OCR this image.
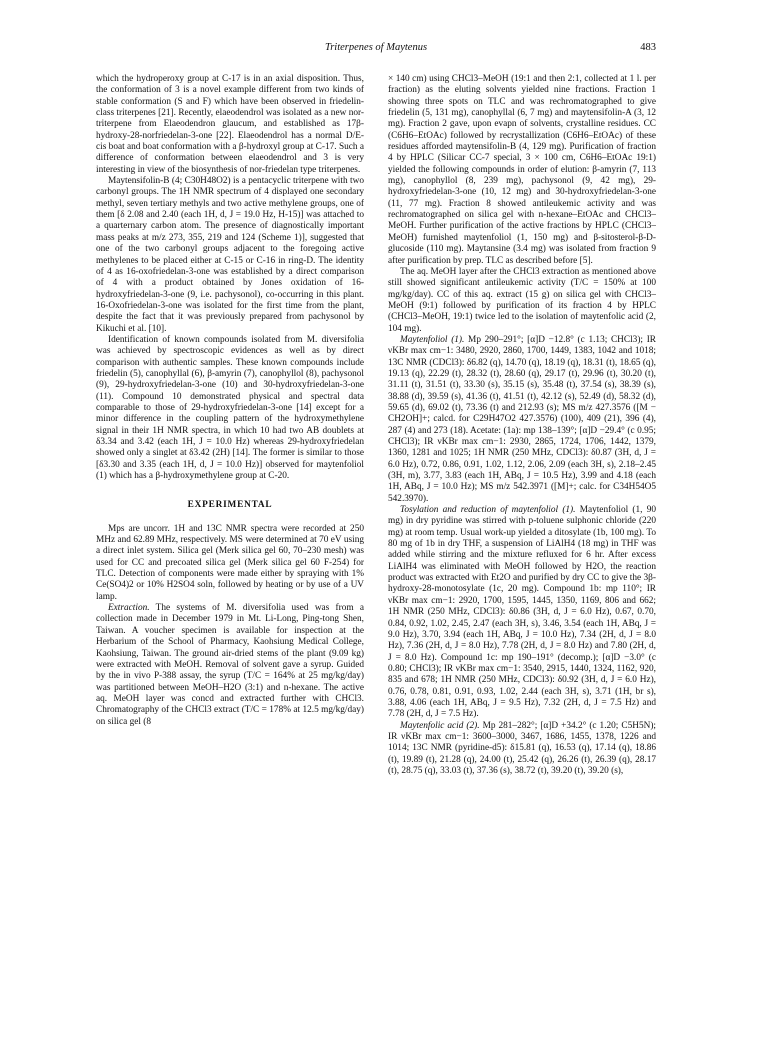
Triterpenes of Maytenus	483

which the hydroperoxy group at C-17 is in an axial disposition. Thus, the conformation of 3 is a novel example different from two kinds of stable conformation (S and F) which have been observed in friedelin-class triterpenes [21]. Recently, elaeodendrol was isolated as a new nor-triterpene from Elaeodendron glaucum, and established as 17β-hydroxy-28-norfriedelan-3-one [22]. Elaeodendrol has a normal D/E-cis boat and boat conformation with a β-hydroxyl group at C-17. Such a difference of conformation between elaeodendrol and 3 is very interesting in view of the biosynthesis of nor-friedelan type triterpenes.

Maytensifolin-B (4; C30H48O2) is a pentacyclic triterpene with two carbonyl groups. The 1H NMR spectrum of 4 displayed one secondary methyl, seven tertiary methyls and two active methylene groups, one of them [δ 2.08 and 2.40 (each 1H, d, J = 19.0 Hz, H-15)] was attached to a quarternary carbon atom. The presence of diagnostically important mass peaks at m/z 273, 355, 219 and 124 (Scheme 1)], suggested that one of the two carbonyl groups adjacent to the foregoing active methylenes to be placed either at C-15 or C-16 in ring-D. The identity of 4 as 16-oxofriedelan-3-one was established by a direct comparison of 4 with a product obtained by Jones oxidation of 16-hydroxyfriedelan-3-one (9, i.e. pachysonol), co-occurring in this plant. 16-Oxofriedelan-3-one was isolated for the first time from the plant, despite the fact that it was previously prepared from pachysonol by Kikuchi et al. [10].

Identification of known compounds isolated from M. diversifolia was achieved by spectroscopic evidences as well as by direct comparison with authentic samples. These known compounds include friedelin (5), canophyllal (6), β-amyrin (7), canophyllol (8), pachysonol (9), 29-hydroxyfriedelan-3-one (10) and 30-hydroxyfriedelan-3-one (11). Compound 10 demonstrated physical and spectral data comparable to those of 29-hydroxyfriedelan-3-one [14] except for a minor difference in the coupling pattern of the hydroxymethylene signal in their 1H NMR spectra, in which 10 had two AB doublets at δ3.34 and 3.42 (each 1H, J = 10.0 Hz) whereas 29-hydroxyfriedelan showed only a singlet at δ3.42 (2H) [14]. The former is similar to those [δ3.30 and 3.35 (each 1H, d, J = 10.0 Hz)] observed for maytenfoliol (1) which has a β-hydroxymethylene group at C-20.

EXPERIMENTAL

Mps are uncorr. 1H and 13C NMR spectra were recorded at 250 MHz and 62.89 MHz, respectively. MS were determined at 70 eV using a direct inlet system. Silica gel (Merk silica gel 60, 70–230 mesh) was used for CC and precoated silica gel (Merk silica gel 60 F-254) for TLC. Detection of components were made either by spraying with 1% Ce(SO4)2 or 10% H2SO4 soln, followed by heating or by use of a UV lamp.

Extraction. The systems of M. diversifolia used was from a collection made in December 1979 in Mt. Li-Long, Ping-tong Shen, Taiwan. A voucher specimen is available for inspection at the Herbarium of the School of Pharmacy, Kaohsiung Medical College, Kaohsiung, Taiwan. The ground air-dried stems of the plant (9.09 kg) were extracted with MeOH. Removal of solvent gave a syrup. Guided by the in vivo P-388 assay, the syrup (T/C = 164% at 25 mg/kg/day) was partitioned between MeOH–H2O (3:1) and n-hexane. The active aq. MeOH layer was concd and extracted further with CHCl3. Chromatography of the CHCl3 extract (T/C = 178% at 12.5 mg/kg/day) on silica gel (8

× 140 cm) using CHCl3–MeOH (19:1 and then 2:1, collected at 1 l. per fraction) as the eluting solvents yielded nine fractions. Fraction 1 showing three spots on TLC and was rechromatographed to give friedelin (5, 131 mg), canophyllal (6, 7 mg) and maytensifolin-A (3, 12 mg). Fraction 2 gave, upon evapn of solvents, crystalline residues. CC (C6H6–EtOAc) followed by recrystallization (C6H6–EtOAc) of these residues afforded maytensifolin-B (4, 129 mg). Purification of fraction 4 by HPLC (Silicar CC-7 special, 3 × 100 cm, C6H6–EtOAc 19:1) yielded the following compounds in order of elution: β-amyrin (7, 113 mg), canophyllol (8, 239 mg), pachysonol (9, 42 mg), 29-hydroxyfriedelan-3-one (10, 12 mg) and 30-hydroxyfriedelan-3-one (11, 77 mg). Fraction 8 showed antileukemic activity and was rechromatographed on silica gel with n-hexane–EtOAc and CHCl3–MeOH. Further purification of the active fractions by HPLC (CHCl3–MeOH) furnished maytenfoliol (1, 150 mg) and β-sitosterol-β-D-glucoside (110 mg). Maytansine (3.4 mg) was isolated from fraction 9 after purification by prep. TLC as described before [5].

The aq. MeOH layer after the CHCl3 extraction as mentioned above still showed significant antileukemic activity (T/C = 150% at 100 mg/kg/day). CC of this aq. extract (15 g) on silica gel with CHCl3–MeOH (9:1) followed by purification of its fraction 4 by HPLC (CHCl3–MeOH, 19:1) twice led to the isolation of maytenfolic acid (2, 104 mg).

Maytenfoliol (1). Mp 290–291°; [α]D −12.8° (c 1.13; CHCl3); IR νKBr max cm−1: 3480, 2920, 2860, 1700, 1449, 1383, 1042 and 1018; 13C NMR (CDCl3): δ6.82 (q), 14.70 (q), 18.19 (q), 18.31 (t), 18.65 (q), 19.13 (q), 22.29 (t), 28.32 (t), 28.60 (q), 29.17 (t), 29.96 (t), 30.20 (t), 31.11 (t), 31.51 (t), 33.30 (s), 35.15 (s), 35.48 (t), 37.54 (s), 38.39 (s), 38.88 (d), 39.59 (s), 41.36 (t), 41.51 (t), 42.12 (s), 52.49 (d), 58.32 (d), 59.65 (d), 69.02 (t), 73.36 (t) and 212.93 (s); MS m/z 427.3576 ([M − CH2OH]+; calcd. for C29H47O2 427.3576) (100), 409 (21), 396 (4), 287 (4) and 273 (18). Acetate: (1a): mp 138–139°; [α]D −29.4° (c 0.95; CHCl3); IR νKBr max cm−1: 2930, 2865, 1724, 1706, 1442, 1379, 1360, 1281 and 1025; 1H NMR (250 MHz, CDCl3): δ0.87 (3H, d, J = 6.0 Hz), 0.72, 0.86, 0.91, 1.02, 1.12, 2.06, 2.09 (each 3H, s), 2.18–2.45 (3H, m), 3.77, 3.83 (each 1H, ABq, J = 10.5 Hz), 3.99 and 4.18 (each 1H, ABq, J = 10.0 Hz); MS m/z 542.3971 ([M]+; calc. for C34H54O5 542.3970).

Tosylation and reduction of maytenfoliol (1). Maytenfoliol (1, 90 mg) in dry pyridine was stirred with p-toluene sulphonic chloride (220 mg) at room temp. Usual work-up yielded a ditosylate (1b, 100 mg). To 80 mg of 1b in dry THF, a suspension of LiAlH4 (18 mg) in THF was added while stirring and the mixture refluxed for 6 hr. After excess LiAlH4 was eliminated with MeOH followed by H2O, the reaction product was extracted with Et2O and purified by dry CC to give the 3β-hydroxy-28-monotosylate (1c, 20 mg). Compound 1b: mp 110°; IR νKBr max cm−1: 2920, 1700, 1595, 1445, 1350, 1169, 806 and 662; 1H NMR (250 MHz, CDCl3): δ0.86 (3H, d, J = 6.0 Hz), 0.67, 0.70, 0.84, 0.92, 1.02, 2.45, 2.47 (each 3H, s), 3.46, 3.54 (each 1H, ABq, J = 9.0 Hz), 3.70, 3.94 (each 1H, ABq, J = 10.0 Hz), 7.34 (2H, d, J = 8.0 Hz), 7.36 (2H, d, J = 8.0 Hz), 7.78 (2H, d, J = 8.0 Hz) and 7.80 (2H, d, J = 8.0 Hz). Compound 1c: mp 190–191° (decomp.); [α]D −3.0° (c 0.80; CHCl3); IR νKBr max cm−1: 3540, 2915, 1440, 1324, 1162, 920, 835 and 678; 1H NMR (250 MHz, CDCl3): δ0.92 (3H, d, J = 6.0 Hz), 0.76, 0.78, 0.81, 0.91, 0.93, 1.02, 2.44 (each 3H, s), 3.71 (1H, br s), 3.88, 4.06 (each 1H, ABq, J = 9.5 Hz), 7.32 (2H, d, J = 7.5 Hz) and 7.78 (2H, d, J = 7.5 Hz).

Maytenfolic acid (2). Mp 281–282°; [α]D +34.2° (c 1.20; C5H5N); IR νKBr max cm−1: 3600–3000, 3467, 1686, 1455, 1378, 1226 and 1014; 13C NMR (pyridine-d5): δ15.81 (q), 16.53 (q), 17.14 (q), 18.86 (t), 19.89 (t), 21.28 (q), 24.00 (t), 25.42 (q), 26.26 (t), 26.39 (q), 28.17 (t), 28.75 (q), 33.03 (t), 37.36 (s), 38.72 (t), 39.20 (t), 39.20 (s),
